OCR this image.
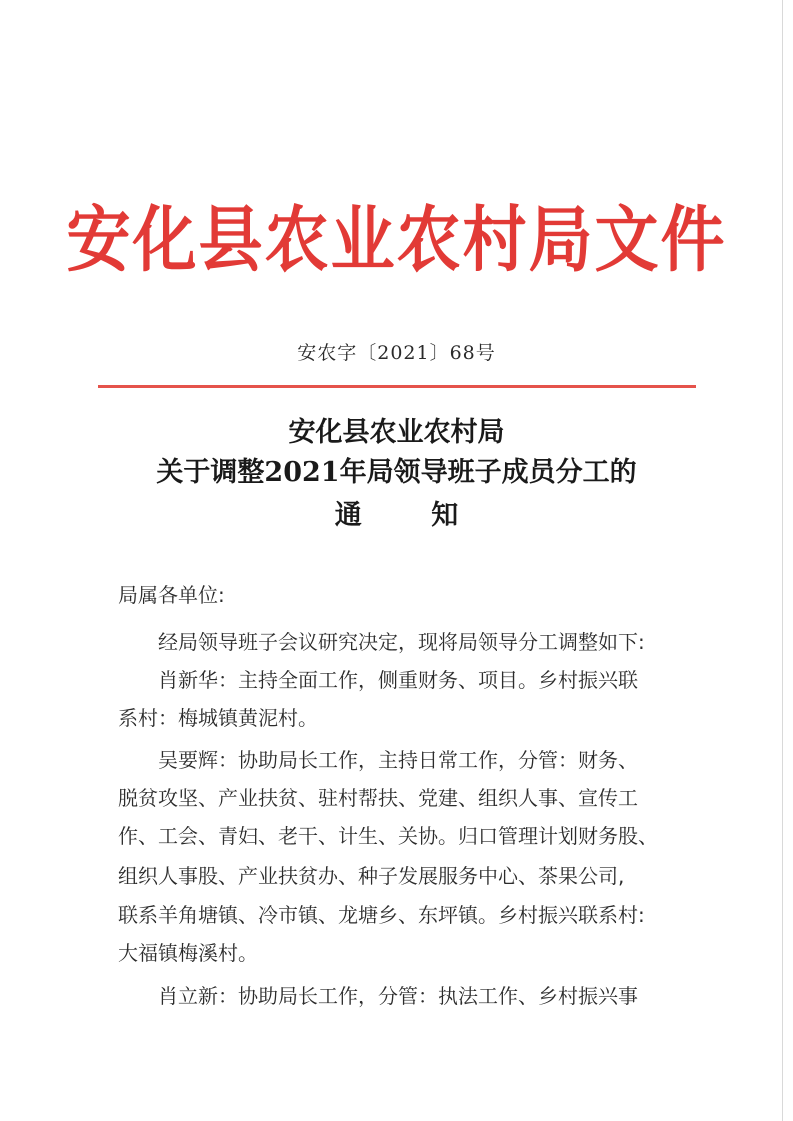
安化县农业农村局文件
安农字〔2021〕68号
安化县农业农村局
关于调整2021年局领导班子成员分工的
通 知
局属各单位:
经局领导班子会议研究决定，现将局领导分工调整如下:
肖新华：主持全面工作，侧重财务、项目。乡村振兴联
系村：梅城镇黄泥村。
吴要辉：协助局长工作，主持日常工作，分管：财务、
脱贫攻坚、产业扶贫、驻村帮扶、党建、组织人事、宣传工
作、工会、青妇、老干、计生、关协。归口管理计划财务股、
组织人事股、产业扶贫办、种子发展服务中心、茶果公司,
联系羊角塘镇、冷市镇、龙塘乡、东坪镇。乡村振兴联系村:
大福镇梅溪村。
肖立新：协助局长工作，分管：执法工作、乡村振兴事
